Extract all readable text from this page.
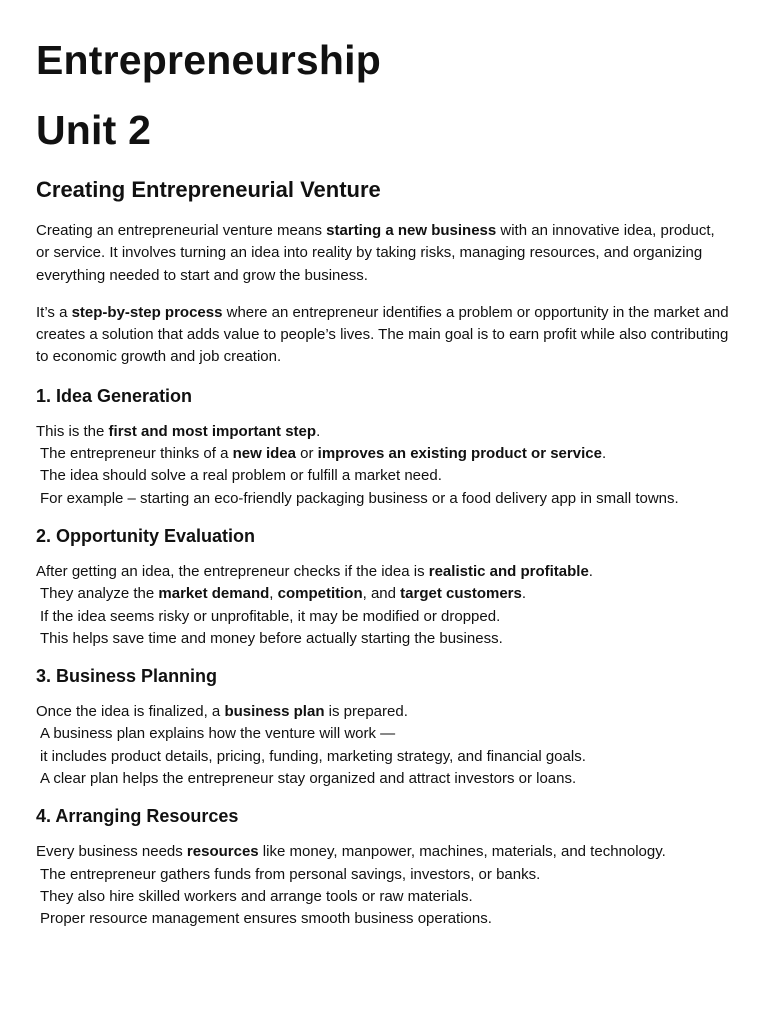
Entrepreneurship
Unit 2
Creating Entrepreneurial Venture

Creating an entrepreneurial venture means starting a new business with an innovative idea, product, or service. It involves turning an idea into reality by taking risks, managing resources, and organizing everything needed to start and grow the business.

It’s a step-by-step process where an entrepreneur identifies a problem or opportunity in the market and creates a solution that adds value to people’s lives. The main goal is to earn profit while also contributing to economic growth and job creation.

1. Idea Generation

This is the first and most important step.
The entrepreneur thinks of a new idea or improves an existing product or service.
The idea should solve a real problem or fulfill a market need.
For example – starting an eco-friendly packaging business or a food delivery app in small towns.

2. Opportunity Evaluation

After getting an idea, the entrepreneur checks if the idea is realistic and profitable.
They analyze the market demand, competition, and target customers.
If the idea seems risky or unprofitable, it may be modified or dropped.
This helps save time and money before actually starting the business.

3. Business Planning

Once the idea is finalized, a business plan is prepared.
A business plan explains how the venture will work —
it includes product details, pricing, funding, marketing strategy, and financial goals.
A clear plan helps the entrepreneur stay organized and attract investors or loans.

4. Arranging Resources

Every business needs resources like money, manpower, machines, materials, and technology.
The entrepreneur gathers funds from personal savings, investors, or banks.
They also hire skilled workers and arrange tools or raw materials.
Proper resource management ensures smooth business operations.
